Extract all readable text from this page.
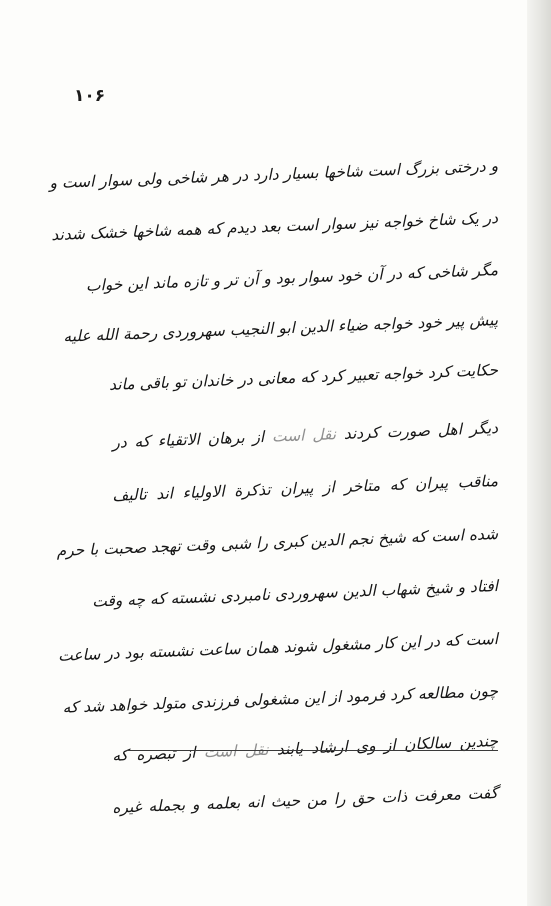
۱۰۶
و درختی بزرگ است شاخها بسیار دارد در هر شاخی ولی سوار است و
در یک شاخ خواجه نیز سوار است بعد دیدم که همه شاخها خشک شدند
مگر شاخی که در آن خود سوار بود و آن تر و تازه ماند این خواب
پیش پیر خود خواجه ضیاء الدین ابو النجیب سهروردی رحمة الله علیه
حکایت کرد خواجه تعبیر کرد که معانی در خاندان تو باقی ماند
دیگر اهل صورت کردند نقل است از برهان الاتقیاء که در
مناقب پیران که متاخر از پیران تذکرة الاولیاء اند تالیف
شده است که شیخ نجم الدین کبری را شبی وقت تهجد صحبت با حرم
افتاد و شیخ شهاب الدین سهروردی نامبردی نشسته که چه وقت
است که در این کار مشغول شوند همان ساعت نشسته بود در ساعت
چون مطالعه کرد فرمود از این مشغولی فرزندی متولد خواهد شد که
چندین سالکان از وی ارشاد یابند نقل است از تبصره که
گفت معرفت ذات حق را من حیث انه بعلمه و بجمله غیره
